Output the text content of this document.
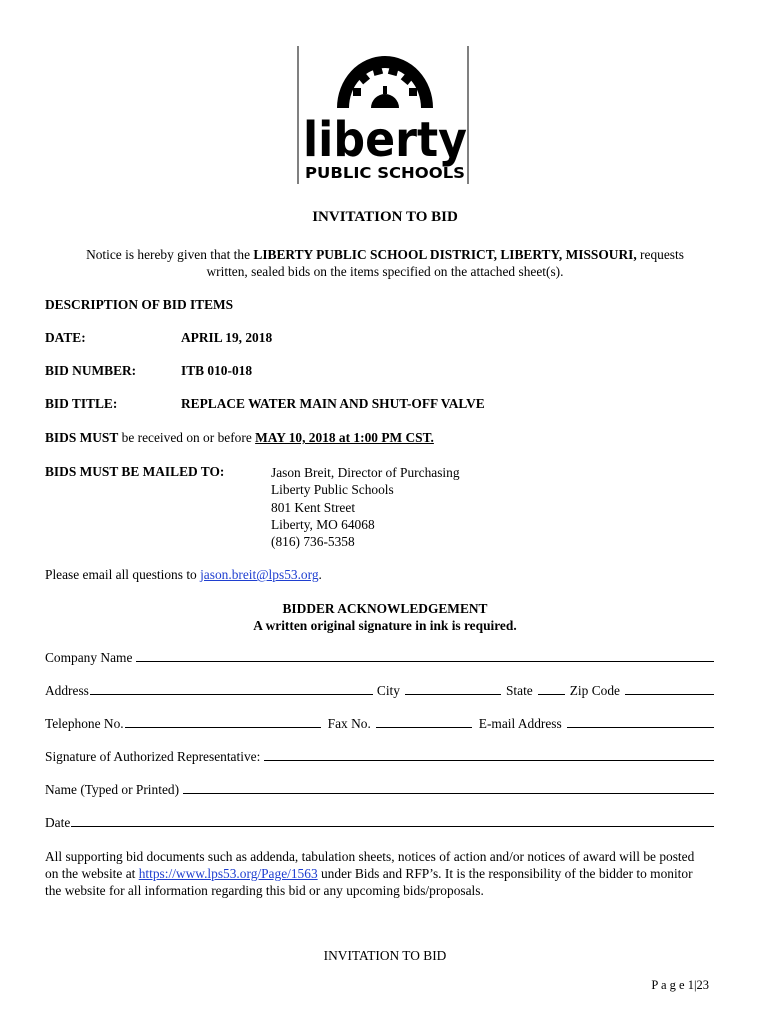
liberty
PUBLIC SCHOOLS
INVITATION TO BID
Notice is hereby given that the LIBERTY PUBLIC SCHOOL DISTRICT, LIBERTY, MISSOURI, requests
written, sealed bids on the items specified on the attached sheet(s).
DESCRIPTION OF BID ITEMS
DATE:	APRIL 19, 2018
BID NUMBER:	ITB 010-018
BID TITLE:	REPLACE WATER MAIN AND SHUT-OFF VALVE
BIDS MUST be received on or before MAY 10, 2018 at 1:00 PM CST.
BIDS MUST BE MAILED TO:	Jason Breit, Director of Purchasing
Liberty Public Schools
801 Kent Street
Liberty, MO 64068
(816) 736-5358
Please email all questions to jason.breit@lps53.org.
BIDDER ACKNOWLEDGEMENT
A written original signature in ink is required.
Company Name
Address	City	State	Zip Code
Telephone No.	Fax No.	E-mail Address
Signature of Authorized Representative:
Name (Typed or Printed)
Date
All supporting bid documents such as addenda, tabulation sheets, notices of action and/or notices of award will be posted
on the website at https://www.lps53.org/Page/1563 under Bids and RFP’s. It is the responsibility of the bidder to monitor
the website for all information regarding this bid or any upcoming bids/proposals.
INVITATION TO BID
P a g e 1|23
